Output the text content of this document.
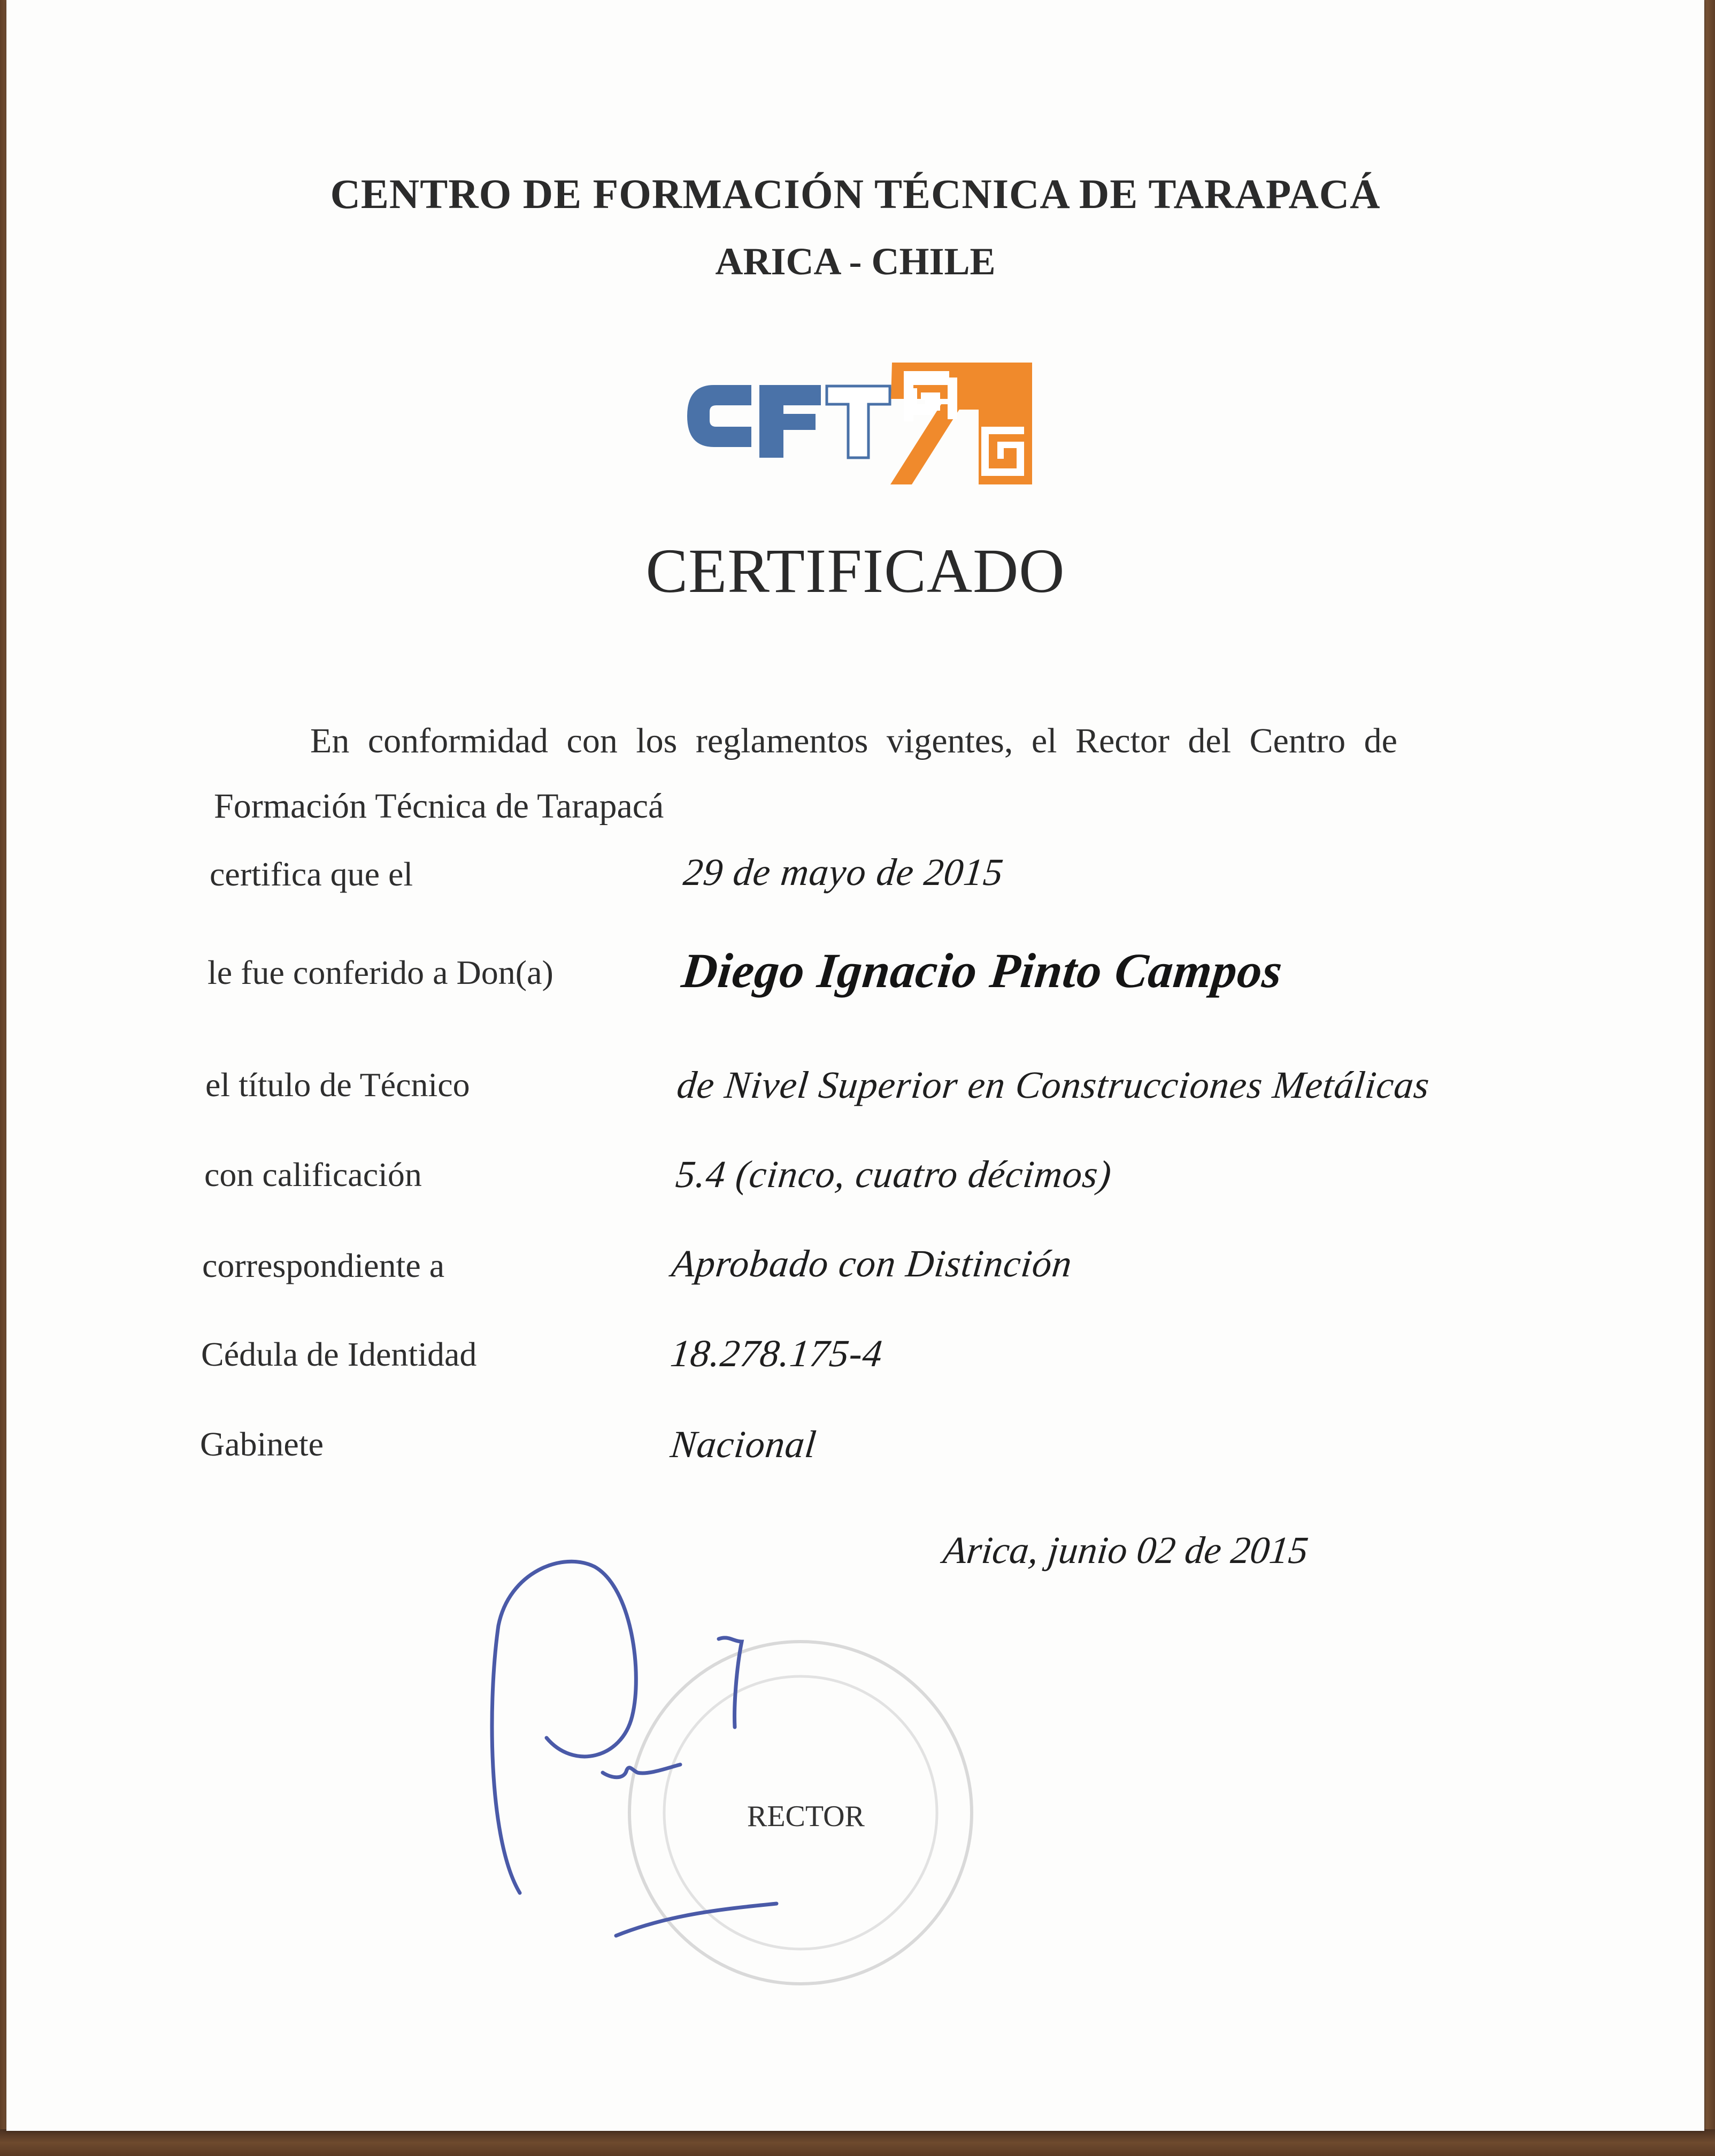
CENTRO DE FORMACIÓN TÉCNICA DE TARAPACÁ
ARICA - CHILE
CERTIFICADO
En conformidad con los reglamentos vigentes, el Rector del Centro de
Formación Técnica de Tarapacá
certifica que el	29 de mayo de 2015
le fue conferido a Don(a)	Diego Ignacio Pinto Campos
el título de Técnico	de Nivel Superior en Construcciones Metálicas
con calificación	5.4 (cinco, cuatro décimos)
correspondiente a	Aprobado con Distinción
Cédula de Identidad	18.278.175-4
Gabinete	Nacional
Arica, junio 02 de 2015
RECTOR
